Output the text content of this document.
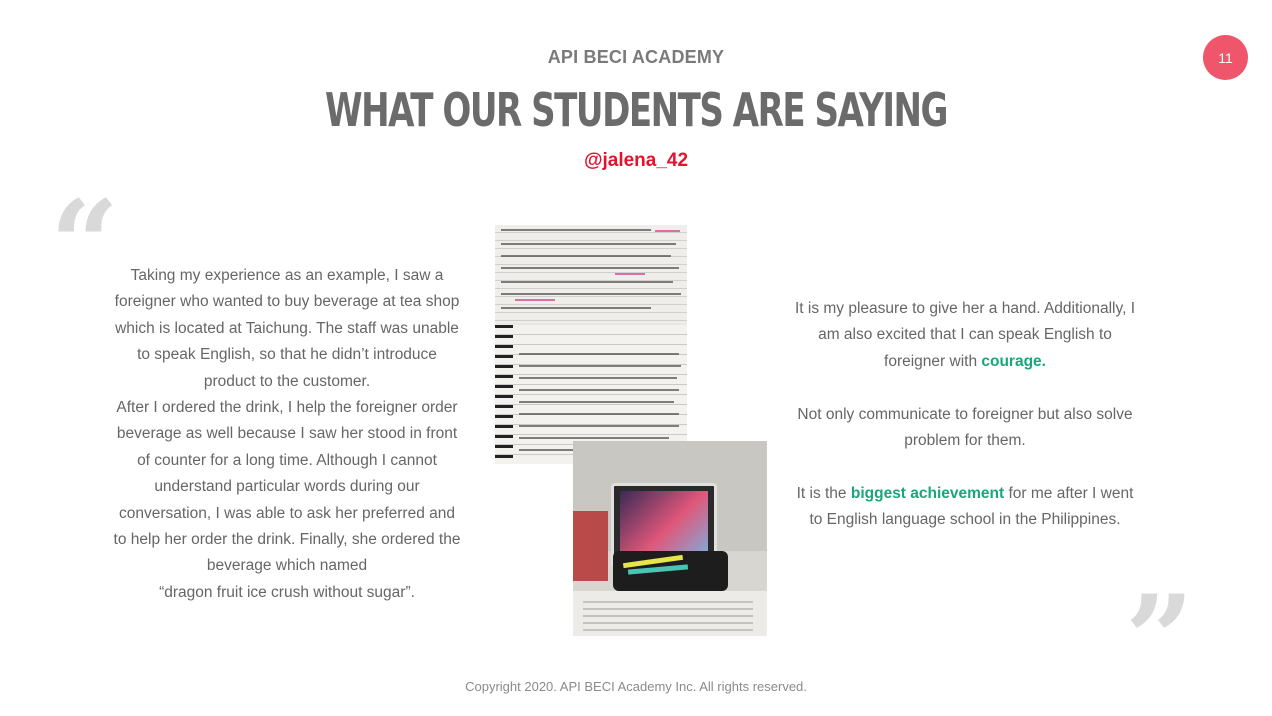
API BECI ACADEMY
WHAT OUR STUDENTS ARE SAYING
@jalena_42
11
“
”

Taking my experience as an example, I saw a foreigner who wanted to buy beverage at tea shop which is located at Taichung. The staff was unable to speak English, so that he didn’t introduce product to the customer.

After I ordered the drink, I help the foreigner order beverage as well because I saw her stood in front of counter for a long time. Although I cannot understand particular words during our conversation, I was able to ask her preferred and to help her order the drink. Finally, she ordered the beverage which named

“dragon fruit ice crush without sugar”.

It is my pleasure to give her a hand. Additionally, I am also excited that I can speak English to foreigner with courage.

Not only communicate to foreigner but also solve problem for them.

It is the biggest achievement for me after I went to English language school in the Philippines.

Copyright 2020. API BECI Academy Inc. All rights reserved.
